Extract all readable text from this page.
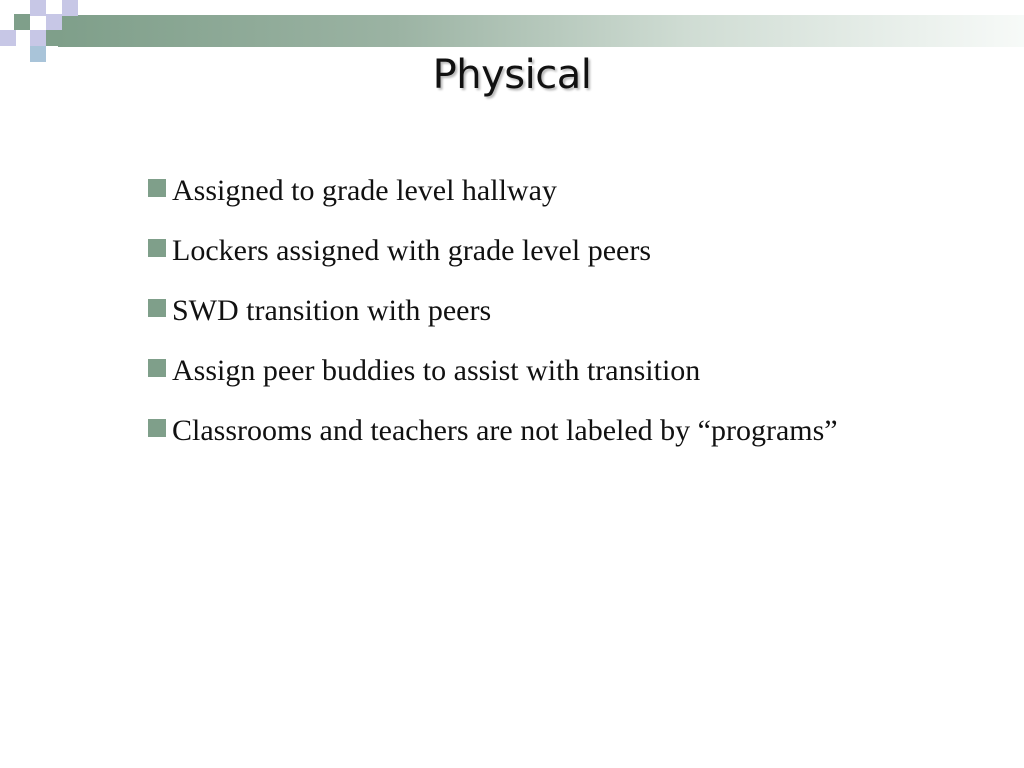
Physical
Assigned to grade level hallway
Lockers assigned with grade level peers
SWD transition with peers
Assign peer buddies to assist with transition
Classrooms and teachers are not labeled by “programs”
